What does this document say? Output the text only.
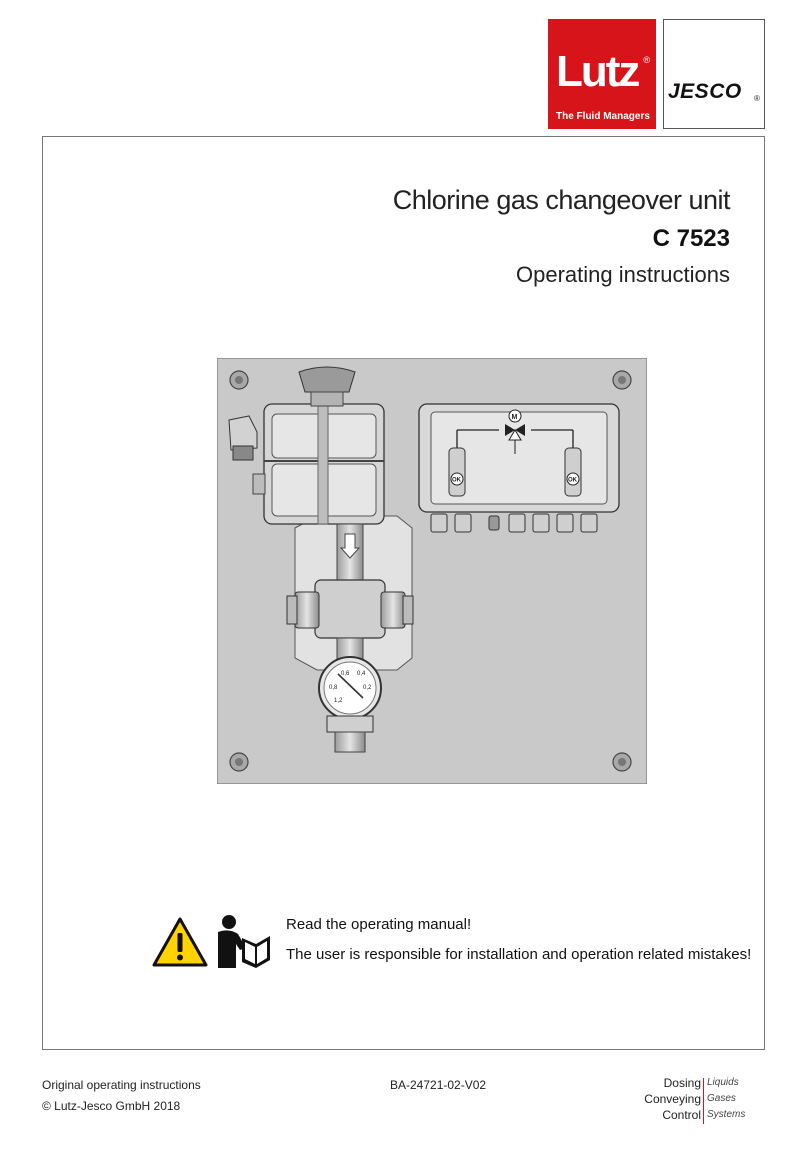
Lutz ®
The Fluid Managers
JESCO ®
Chlorine gas changeover unit
C 7523
Operating instructions
0,6 0,4
0,8	0,2
1,2
M
OK	OK
Read the operating manual!
The user is responsible for installation and operation related mistakes!
Original operating instructions
© Lutz-Jesco GmbH 2018
BA-24721-02-V02	Dosing Liquids
Conveying Gases
Control Systems
